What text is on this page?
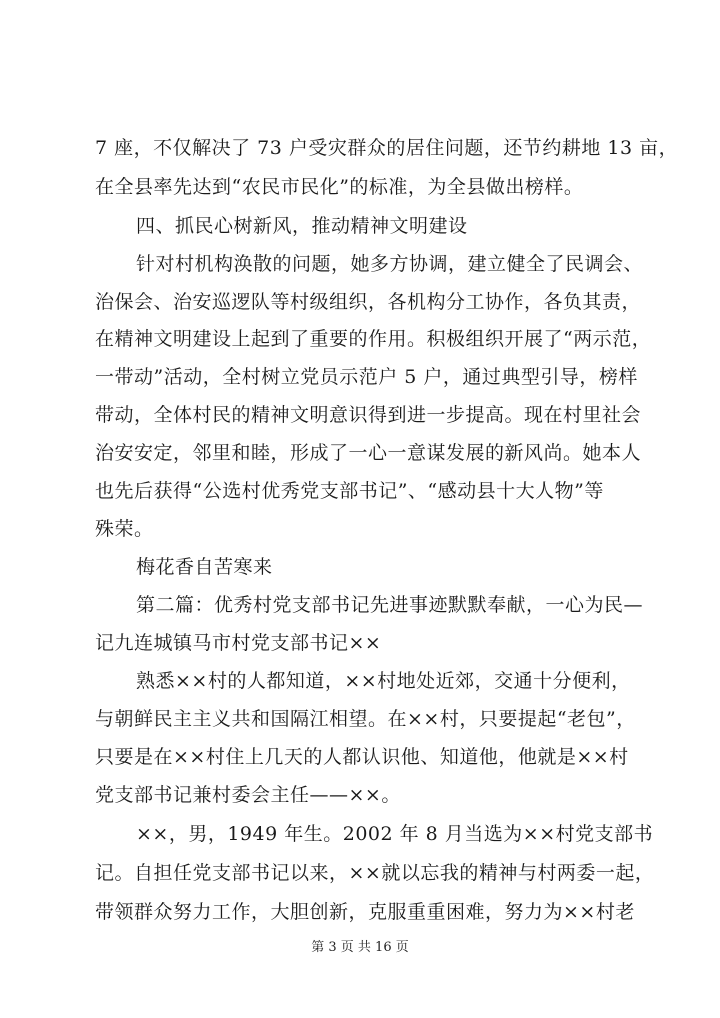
7 座，不仅解决了 73 户受灾群众的居住问题，还节约耕地 13 亩，
在全县率先达到“农民市民化”的标准，为全县做出榜样。
四、抓民心树新风，推动精神文明建设
针对村机构涣散的问题，她多方协调，建立健全了民调会、
治保会、治安巡逻队等村级组织，各机构分工协作，各负其责，
在精神文明建设上起到了重要的作用。积极组织开展了“两示范，
一带动”活动，全村树立党员示范户 5 户，通过典型引导，榜样
带动，全体村民的精神文明意识得到进一步提高。现在村里社会
治安安定，邻里和睦，形成了一心一意谋发展的新风尚。她本人
也先后获得“公选村优秀党支部书记”、“感动县十大人物”等
殊荣。
梅花香自苦寒来
第二篇：优秀村党支部书记先进事迹默默奉献，一心为民—
记九连城镇马市村党支部书记××
熟悉××村的人都知道，××村地处近郊，交通十分便利，
与朝鲜民主主义共和国隔江相望。在××村，只要提起“老包”，
只要是在××村住上几天的人都认识他、知道他，他就是××村
党支部书记兼村委会主任——××。
××，男，1949 年生。2002 年 8 月当选为××村党支部书
记。自担任党支部书记以来，××就以忘我的精神与村两委一起，
带领群众努力工作，大胆创新，克服重重困难，努力为××村老
第 3 页 共 16 页
